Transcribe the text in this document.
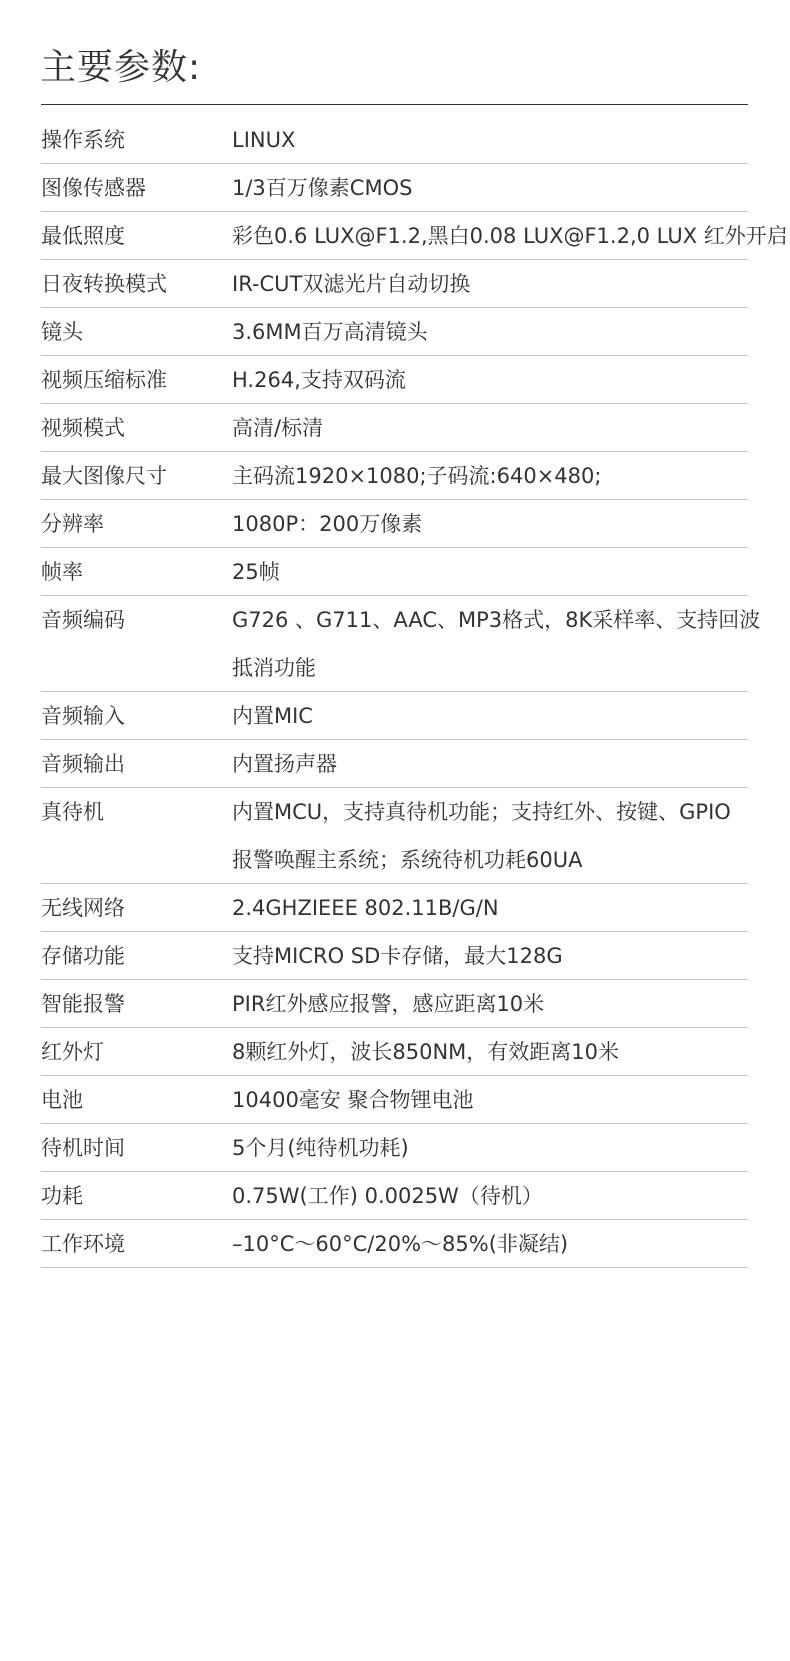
主要参数:
操作系统	LINUX
图像传感器	1/3百万像素CMOS
最低照度	彩色0.6 LUX@F1.2,黑白0.08 LUX@F1.2,0 LUX 红外开启
日夜转换模式	IR-CUT双滤光片自动切换
镜头	3.6MM百万高清镜头
视频压缩标准	H.264,支持双码流
视频模式	高清/标清
最大图像尺寸	主码流1920×1080;子码流:640×480;
分辨率	1080P：200万像素
帧率	25帧
音频编码	G726 、G711、AAC、MP3格式，8K采样率、支持回波
抵消功能
音频输入	内置MIC
音频输出	内置扬声器
真待机	内置MCU，支持真待机功能；支持红外、按键、GPIO
报警唤醒主系统；系统待机功耗60UA
无线网络	2.4GHZIEEE 802.11B/G/N
存储功能	支持MICRO SD卡存储，最大128G
智能报警	PIR红外感应报警，感应距离10米
红外灯	8颗红外灯，波长850NM，有效距离10米
电池	10400毫安 聚合物锂电池
待机时间	5个月(纯待机功耗)
功耗	0.75W(工作) 0.0025W（待机）
工作环境	–10°C～60°C/20%～85%(非凝结)
